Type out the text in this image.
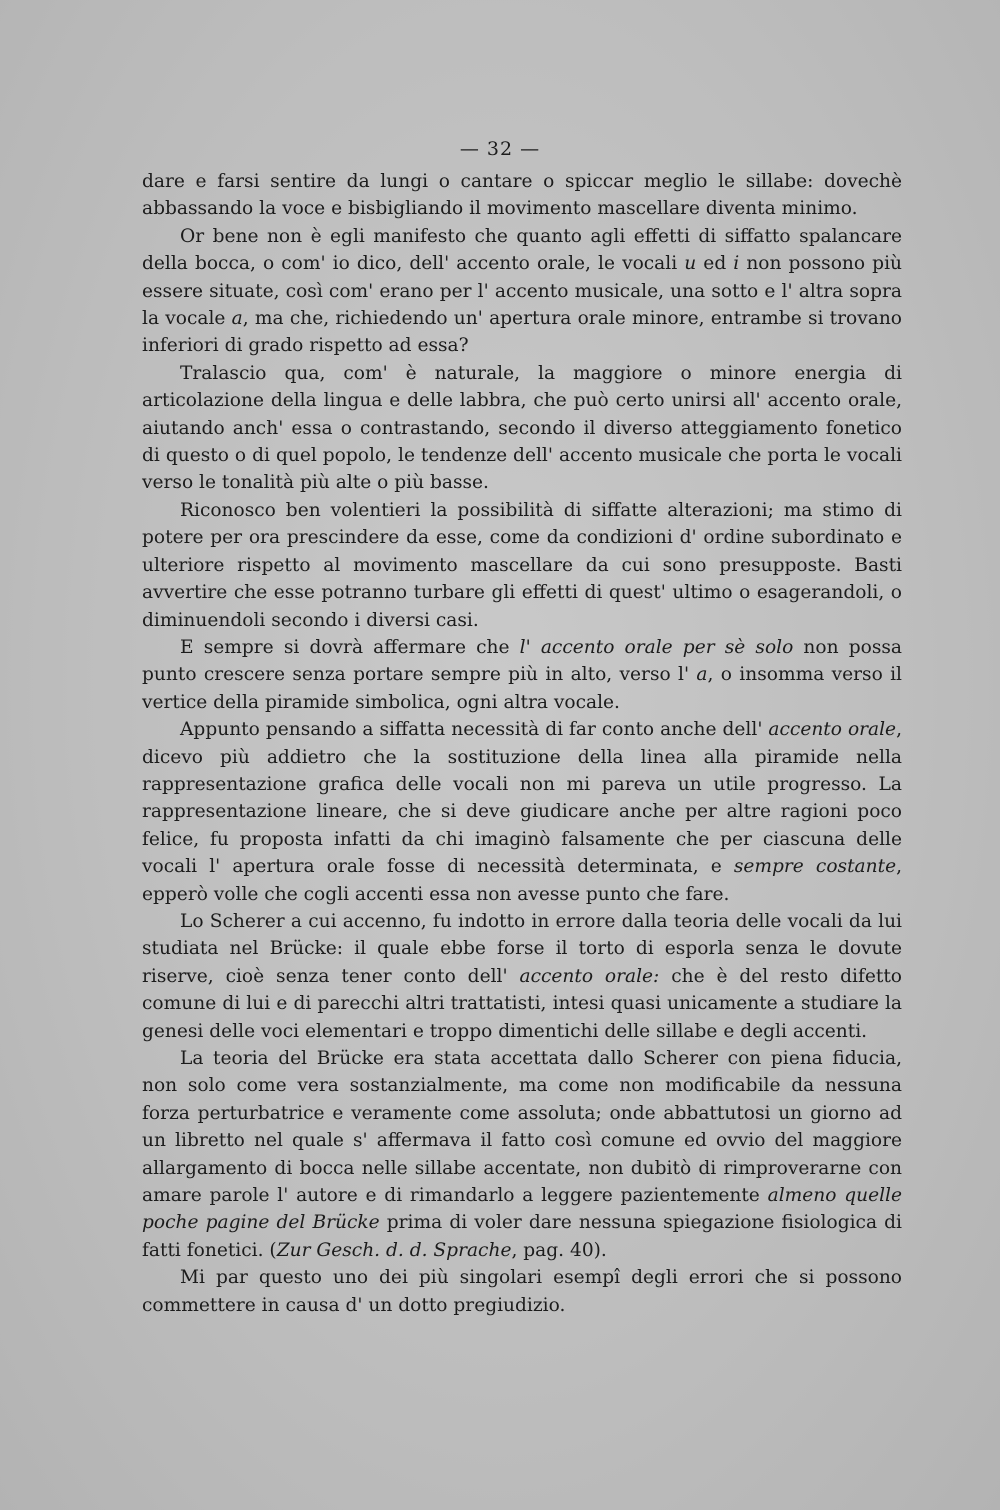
— 32 —

dare e farsi sentire da lungi o cantare o spiccar meglio le sillabe: dovechè abbassando la voce e bisbigliando il movimento mascellare diventa minimo.

Or bene non è egli manifesto che quanto agli effetti di siffatto spalancare della bocca, o com' io dico, dell' accento orale, le vocali u ed i non possono più essere situate, così com' erano per l' accento musicale, una sotto e l' altra sopra la vocale a, ma che, richiedendo un' apertura orale minore, entrambe si trovano inferiori di grado rispetto ad essa?

Tralascio qua, com' è naturale, la maggiore o minore energia di articolazione della lingua e delle labbra, che può certo unirsi all' accento orale, aiutando anch' essa o contrastando, secondo il diverso atteggiamento fonetico di questo o di quel popolo, le tendenze dell' accento musicale che porta le vocali verso le tonalità più alte o più basse.

Riconosco ben volentieri la possibilità di siffatte alterazioni; ma stimo di potere per ora prescindere da esse, come da condizioni d' ordine subordinato e ulteriore rispetto al movimento mascellare da cui sono presupposte. Basti avvertire che esse potranno turbare gli effetti di quest' ultimo o esagerandoli, o diminuendoli secondo i diversi casi.

E sempre si dovrà affermare che l' accento orale per sè solo non possa punto crescere senza portare sempre più in alto, verso l' a, o insomma verso il vertice della piramide simbolica, ogni altra vocale.

Appunto pensando a siffatta necessità di far conto anche dell' accento orale, dicevo più addietro che la sostituzione della linea alla piramide nella rappresentazione grafica delle vocali non mi pareva un utile progresso. La rappresentazione lineare, che si deve giudicare anche per altre ragioni poco felice, fu proposta infatti da chi imaginò falsamente che per ciascuna delle vocali l' apertura orale fosse di necessità determinata, e sempre costante, epperò volle che cogli accenti essa non avesse punto che fare.

Lo Scherer a cui accenno, fu indotto in errore dalla teoria delle vocali da lui studiata nel Brücke: il quale ebbe forse il torto di esporla senza le dovute riserve, cioè senza tener conto dell' accento orale: che è del resto difetto comune di lui e di parecchi altri trattatisti, intesi quasi unicamente a studiare la genesi delle voci elementari e troppo dimentichi delle sillabe e degli accenti.

La teoria del Brücke era stata accettata dallo Scherer con piena fiducia, non solo come vera sostanzialmente, ma come non modificabile da nessuna forza perturbatrice e veramente come assoluta; onde abbattutosi un giorno ad un libretto nel quale s' affermava il fatto così comune ed ovvio del maggiore allargamento di bocca nelle sillabe accentate, non dubitò di rimproverarne con amare parole l' autore e di rimandarlo a leggere pazientemente almeno quelle poche pagine del Brücke prima di voler dare nessuna spiegazione fisiologica di fatti fonetici. (Zur Gesch. d. d. Sprache, pag. 40).

Mi par questo uno dei più singolari esempî degli errori che si possono commettere in causa d' un dotto pregiudizio.
